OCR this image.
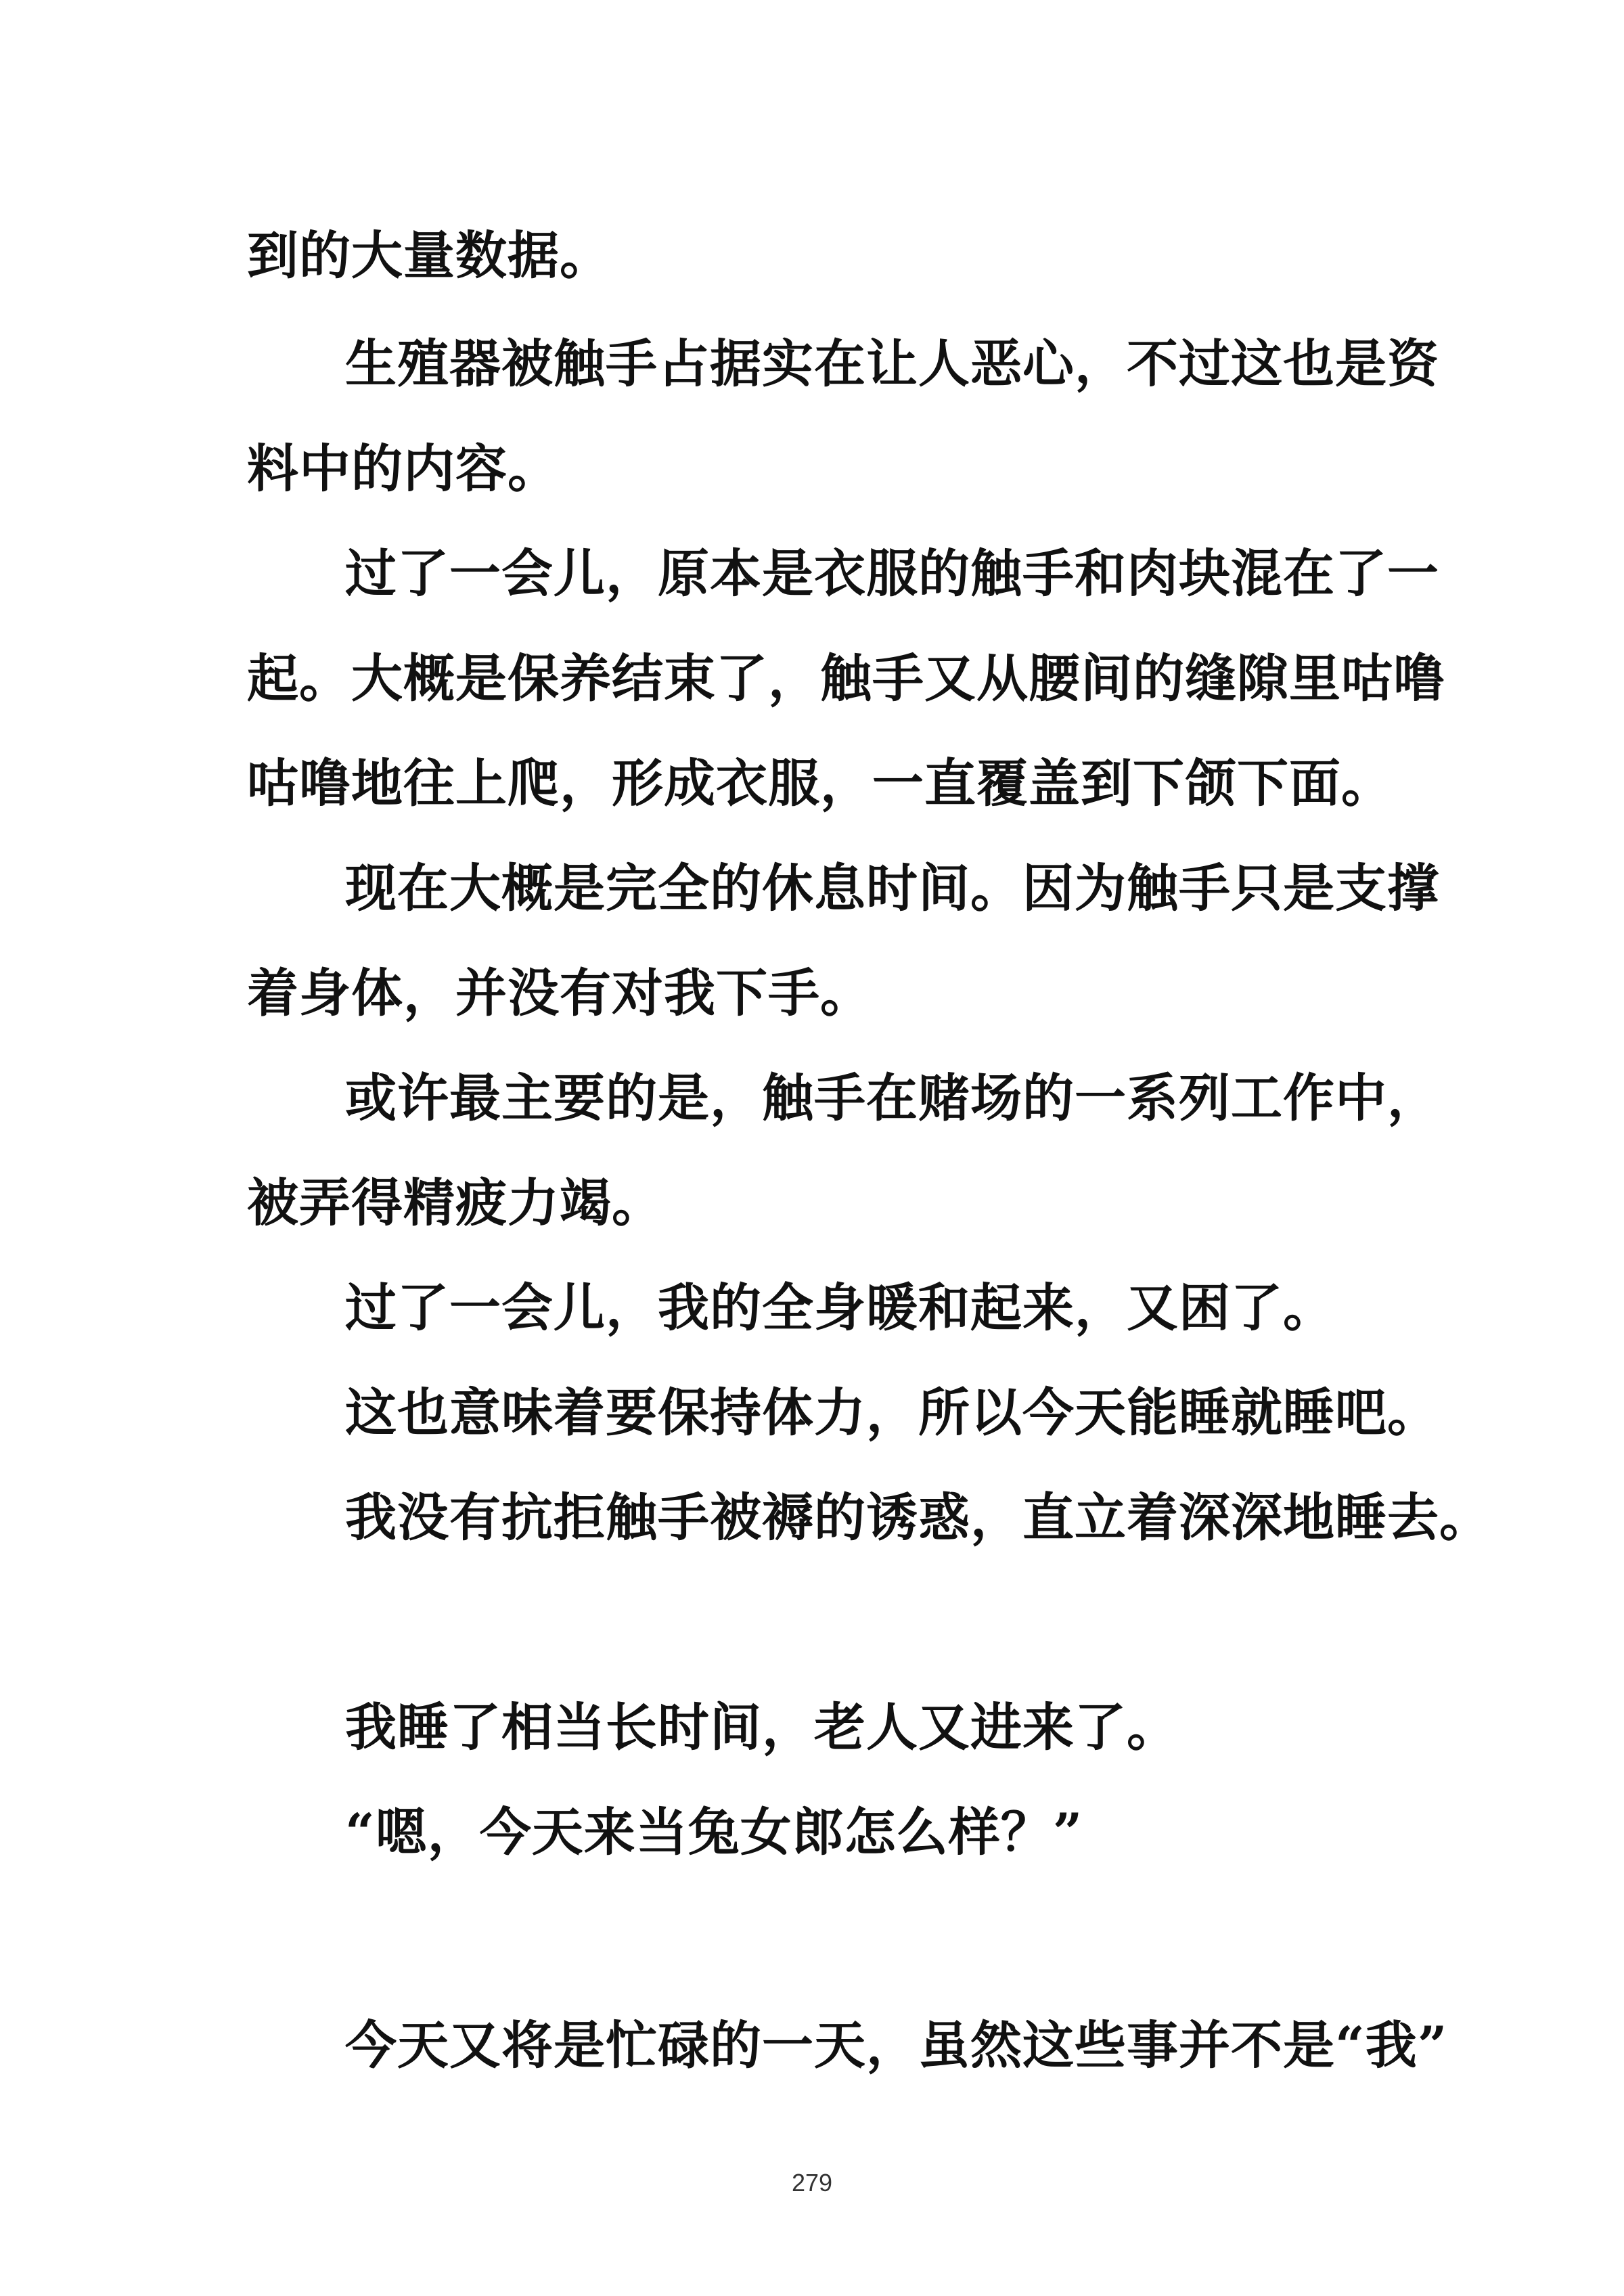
到的大量数据。
生殖器被触手占据实在让人恶心，不过这也是资
料中的内容。
过了一会儿，原本是衣服的触手和肉块混在了一
起。大概是保养结束了，触手又从腰间的缝隙里咕噜
咕噜地往上爬，形成衣服，一直覆盖到下颌下面。
现在大概是完全的休息时间。因为触手只是支撑
着身体，并没有对我下手。
或许最主要的是，触手在赌场的一系列工作中，
被弄得精疲力竭。
过了一会儿，我的全身暖和起来，又困了。
这也意味着要保持体力，所以今天能睡就睡吧。
我没有抗拒触手被褥的诱惑，直立着深深地睡去。
我睡了相当长时间，老人又进来了。
“嗯，今天来当兔女郎怎么样？”
今天又将是忙碌的一天，虽然这些事并不是“我”
279
